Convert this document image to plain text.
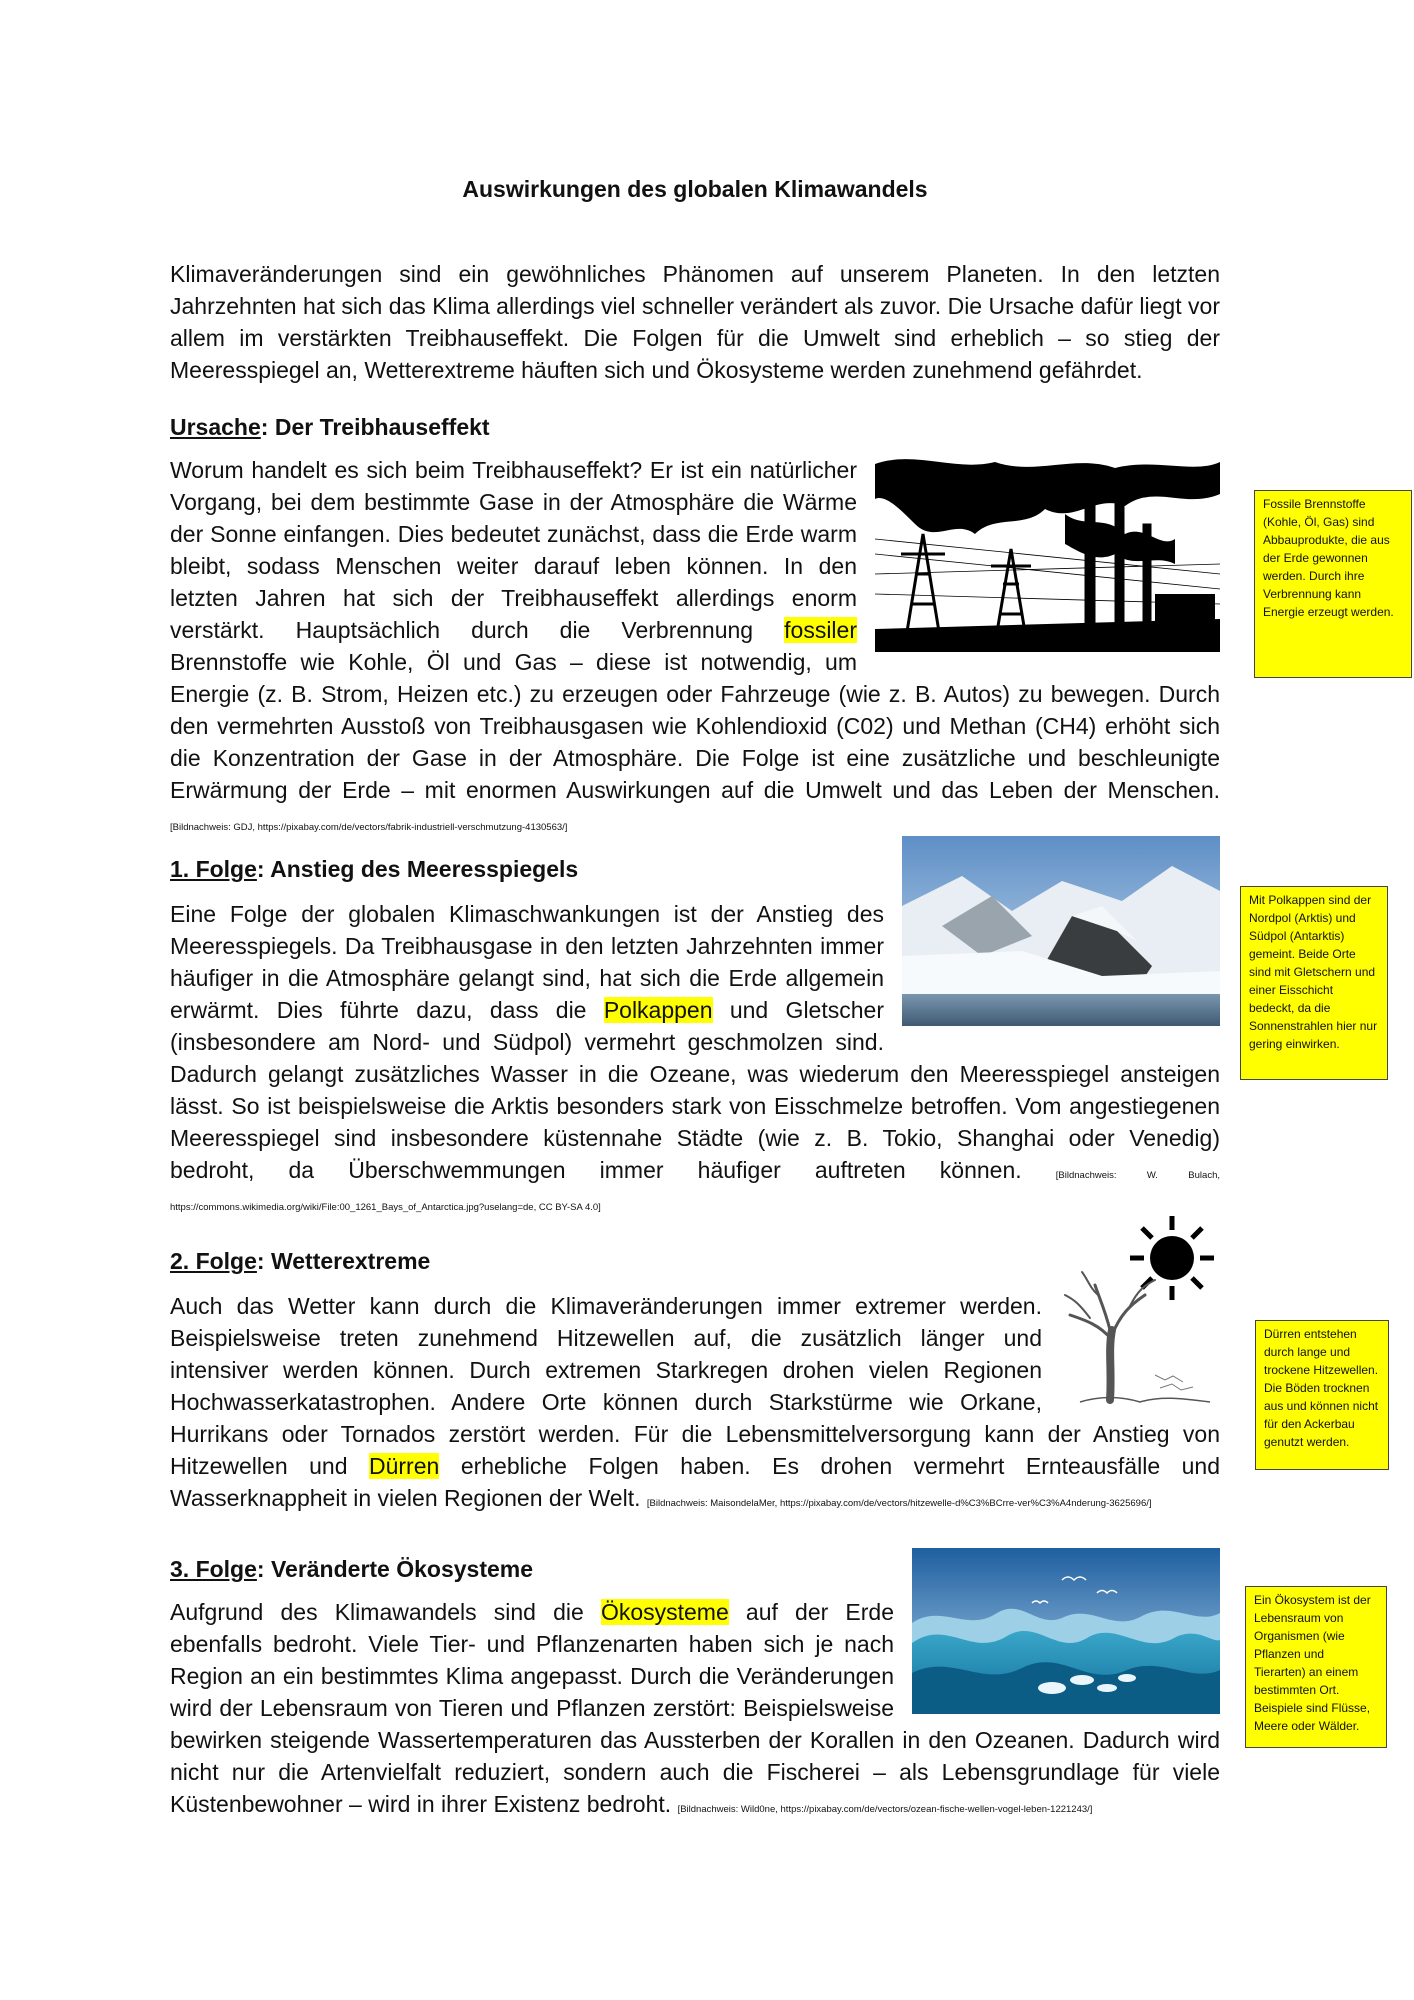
Auswirkungen des globalen Klimawandels

Klimaveränderungen sind ein gewöhnliches Phänomen auf unserem Planeten. In den letzten Jahrzehnten hat sich das Klima allerdings viel schneller verändert als zuvor. Die Ursache dafür liegt vor allem im verstärkten Treibhauseffekt. Die Folgen für die Umwelt sind erheblich – so stieg der Meeresspiegel an, Wetterextreme häuften sich und Ökosysteme werden zunehmend gefährdet.

Ursache: Der Treibhauseffekt

Worum handelt es sich beim Treibhauseffekt? Er ist ein natürlicher Vorgang, bei dem bestimmte Gase in der Atmosphäre die Wärme der Sonne einfangen. Dies bedeutet zunächst, dass die Erde warm bleibt, sodass Menschen weiter darauf leben können. In den letzten Jahren hat sich der Treibhauseffekt allerdings enorm verstärkt. Hauptsächlich durch die Verbrennung fossiler Brennstoffe wie Kohle, Öl und Gas – diese ist notwendig, um Energie (z. B. Strom, Heizen etc.) zu erzeugen oder Fahrzeuge (wie z. B. Autos) zu bewegen. Durch den vermehrten Ausstoß von Treibhausgasen wie Kohlendioxid (C02) und Methan (CH4) erhöht sich die Konzentration der Gase in der Atmosphäre. Die Folge ist eine zusätzliche und beschleunigte Erwärmung der Erde – mit enormen Auswirkungen auf die Umwelt und das Leben der Menschen. [Bildnachweis: GDJ, https://pixabay.com/de/vectors/fabrik-industriell-verschmutzung-4130563/]

Fossile Brennstoffe (Kohle, Öl, Gas) sind Abbauprodukte, die aus der Erde gewonnen werden. Durch ihre Verbrennung kann Energie erzeugt werden.
1. Folge: Anstieg des Meeresspiegels

Eine Folge der globalen Klimaschwankungen ist der Anstieg des Meeresspiegels. Da Treibhausgase in den letzten Jahrzehnten immer häufiger in die Atmosphäre gelangt sind, hat sich die Erde allgemein erwärmt. Dies führte dazu, dass die Polkappen und Gletscher (insbesondere am Nord- und Südpol) vermehrt geschmolzen sind. Dadurch gelangt zusätzliches Wasser in die Ozeane, was wiederum den Meeresspiegel ansteigen lässt. So ist beispielsweise die Arktis besonders stark von Eisschmelze betroffen. Vom angestiegenen Meeresspiegel sind insbesondere küstennahe Städte (wie z. B. Tokio, Shanghai oder Venedig) bedroht, da Überschwemmungen immer häufiger auftreten können. [Bildnachweis: W. Bulach, https://commons.wikimedia.org/wiki/File:00_1261_Bays_of_Antarctica.jpg?uselang=de, CC BY-SA 4.0]

Mit Polkappen sind der Nordpol (Arktis) und Südpol (Antarktis) gemeint. Beide Orte sind mit Gletschern und einer Eisschicht bedeckt, da die Sonnenstrahlen hier nur gering einwirken.
2. Folge: Wetterextreme

Auch das Wetter kann durch die Klimaveränderungen immer extremer werden. Beispielsweise treten zunehmend Hitzewellen auf, die zusätzlich länger und intensiver werden können. Durch extremen Starkregen drohen vielen Regionen Hochwasserkatastrophen. Andere Orte können durch Starkstürme wie Orkane, Hurrikans oder Tornados zerstört werden. Für die Lebensmittelversorgung kann der Anstieg von Hitzewellen und Dürren erhebliche Folgen haben. Es drohen vermehrt Ernteausfälle und Wasserknappheit in vielen Regionen der Welt. [Bildnachweis: MaisondelaMer, https://pixabay.com/de/vectors/hitzewelle-d%C3%BCrre-ver%C3%A4nderung-3625696/]

Dürren entstehen durch lange und trockene Hitzewellen. Die Böden trocknen aus und können nicht für den Ackerbau genutzt werden.
3. Folge: Veränderte Ökosysteme

Aufgrund des Klimawandels sind die Ökosysteme auf der Erde ebenfalls bedroht. Viele Tier- und Pflanzenarten haben sich je nach Region an ein bestimmtes Klima angepasst. Durch die Veränderungen wird der Lebensraum von Tieren und Pflanzen zerstört: Beispielsweise bewirken steigende Wassertemperaturen das Aussterben der Korallen in den Ozeanen. Dadurch wird nicht nur die Artenvielfalt reduziert, sondern auch die Fischerei – als Lebensgrundlage für viele Küstenbewohner – wird in ihrer Existenz bedroht. [Bildnachweis: Wild0ne, https://pixabay.com/de/vectors/ozean-fische-wellen-vogel-leben-1221243/]

Ein Ökosystem ist der Lebensraum von Organismen (wie Pflanzen und Tierarten) an einem bestimmten Ort. Beispiele sind Flüsse, Meere oder Wälder.
